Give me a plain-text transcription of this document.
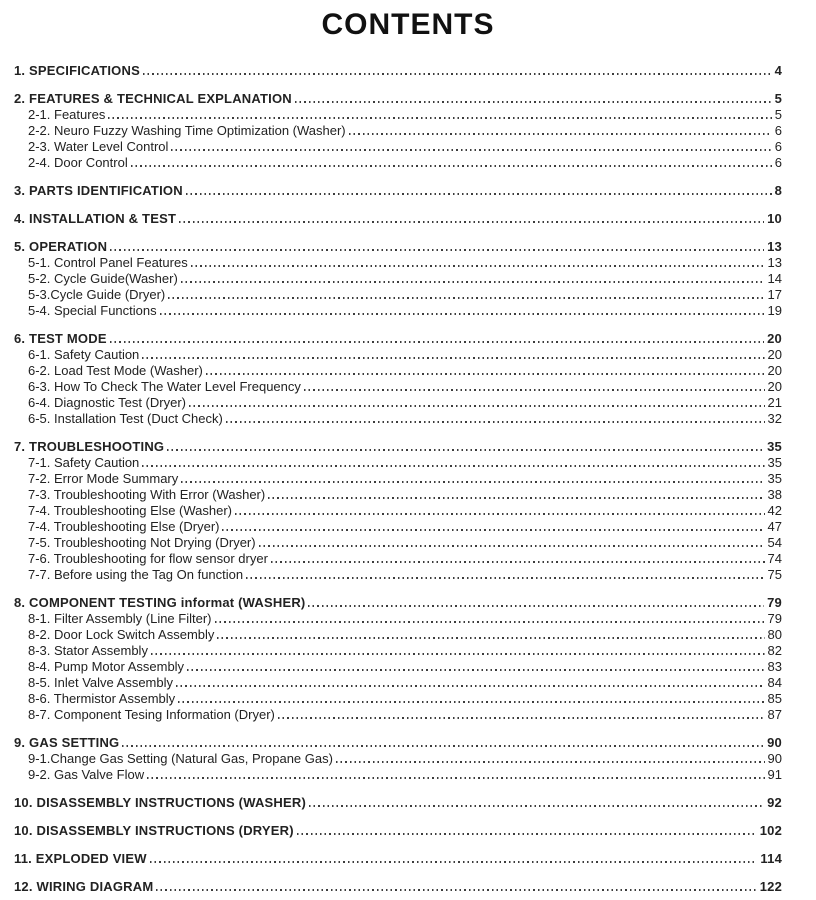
CONTENTS
1. SPECIFICATIONS	4
2. FEATURES & TECHNICAL EXPLANATION	5
2-1. Features	5
2-2. Neuro Fuzzy Washing Time Optimization (Washer)	6
2-3. Water Level Control	6
2-4. Door Control	6
3. PARTS IDENTIFICATION	8
4. INSTALLATION & TEST	10
5. OPERATION	13
5-1. Control Panel Features	13
5-2. Cycle Guide(Washer)	14
5-3.Cycle Guide (Dryer)	17
5-4. Special Functions	19
6. TEST MODE	20
6-1. Safety Caution	20
6-2. Load Test Mode (Washer)	20
6-3. How To Check The Water Level Frequency	20
6-4. Diagnostic Test (Dryer)	21
6-5. Installation Test (Duct Check)	32
7. TROUBLESHOOTING	35
7-1. Safety Caution	35
7-2. Error Mode Summary	35
7-3. Troubleshooting With Error (Washer)	38
7-4. Troubleshooting Else (Washer)	42
7-4. Troubleshooting Else (Dryer)	47
7-5. Troubleshooting Not Drying (Dryer)	54
7-6. Troubleshooting for flow sensor dryer	74
7-7. Before using the Tag On function	75
8. COMPONENT TESTING informat (WASHER)	79
8-1. Filter Assembly (Line Filter)	79
8-2. Door Lock Switch Assembly	80
8-3. Stator Assembly	82
8-4. Pump Motor Assembly	83
8-5. Inlet Valve Assembly	84
8-6. Thermistor Assembly	85
8-7. Component Tesing Information (Dryer)	87
9. GAS SETTING	90
9-1.Change Gas Setting (Natural Gas, Propane Gas)	90
9-2. Gas Valve Flow	91
10. DISASSEMBLY INSTRUCTIONS (WASHER)	92
10. DISASSEMBLY INSTRUCTIONS (DRYER)	102
11. EXPLODED VIEW	114
12. WIRING DIAGRAM	122
